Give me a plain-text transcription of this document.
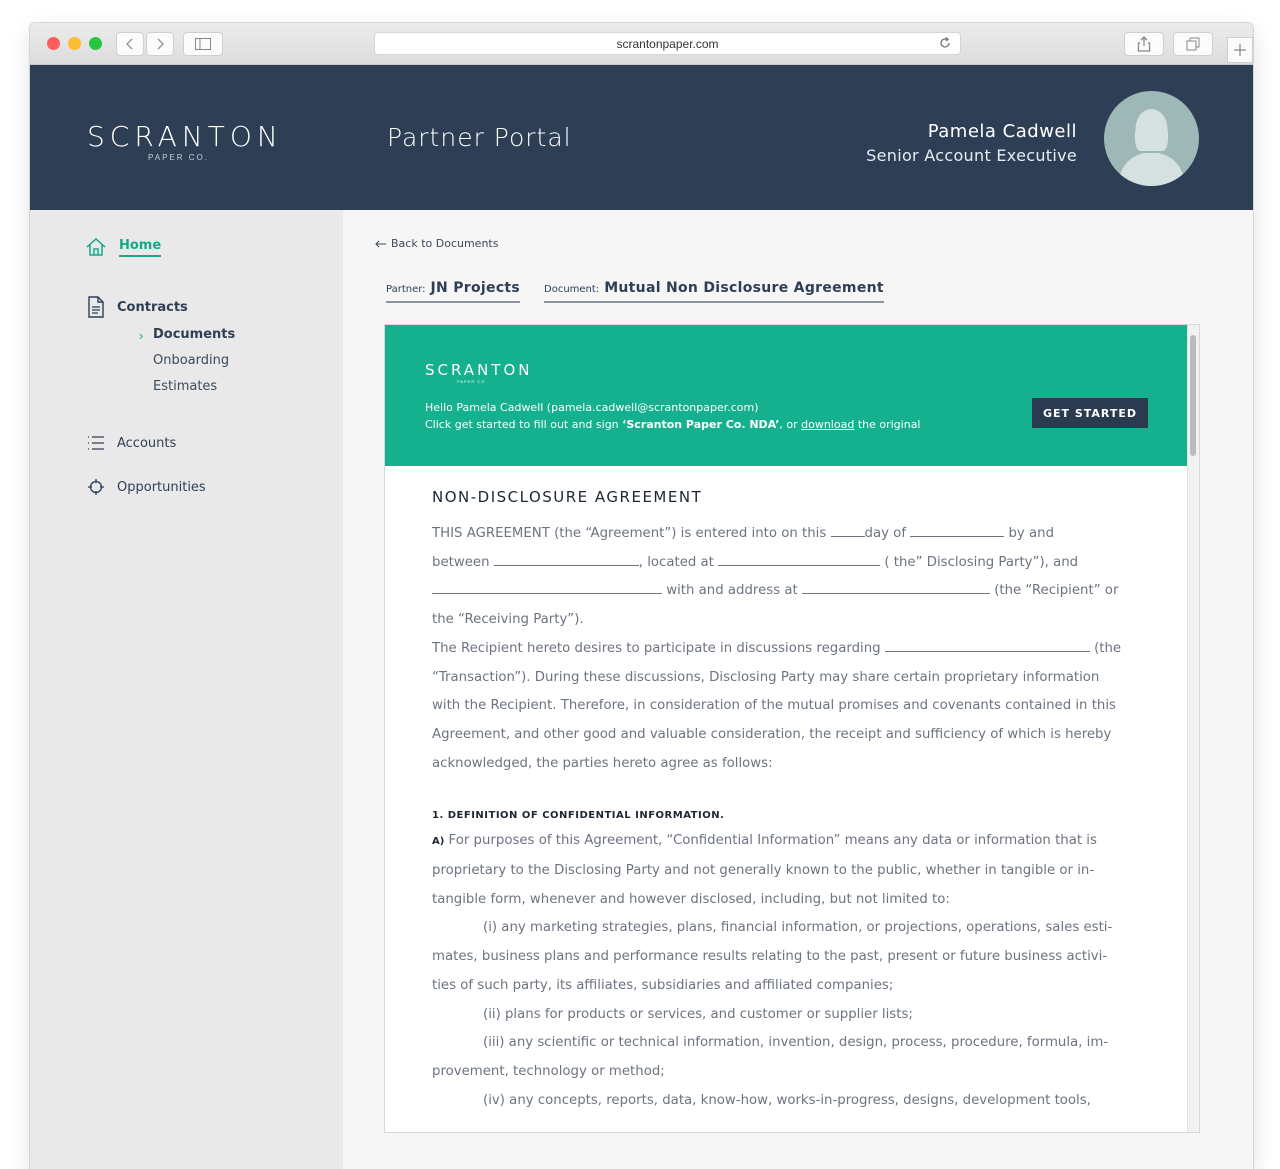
scrantonpaper.com
SCRANTON
PAPER CO.
Partner Portal	Pamela Cadwell
Senior Account Executive
Home
Contracts
› Documents
Onboarding
Estimates
Accounts
Opportunities
Back to Documents
Partner: JN Projects Document: Mutual Non Disclosure Agreement
SCRANTON
PAPER CO.
Hello Pamela Cadwell (pamela.cadwell@scrantonpaper.com)
Click get started to fill out and sign ‘Scranton Paper Co. NDA’, or download the original
GET STARTED
NON-DISCLOSURE AGREEMENT
THIS AGREEMENT (the “Agreement”) is entered into on this	day of	by and
between	, located at	( the” Disclosing Party”), and
with and address at	(the “Recipient” or
the “Receiving Party”).
The Recipient hereto desires to participate in discussions regarding	(the
“Transaction”). During these discussions, Disclosing Party may share certain proprietary information
with the Recipient. Therefore, in consideration of the mutual promises and covenants contained in this
Agreement, and other good and valuable consideration, the receipt and sufficiency of which is hereby
acknowledged, the parties hereto agree as follows:
1. DEFINITION OF CONFIDENTIAL INFORMATION.
A) For purposes of this Agreement, “Confidential Information” means any data or information that is
proprietary to the Disclosing Party and not generally known to the public, whether in tangible or in-
tangible form, whenever and however disclosed, including, but not limited to:
(i) any marketing strategies, plans, financial information, or projections, operations, sales esti-
mates, business plans and performance results relating to the past, present or future business activi-
ties of such party, its affiliates, subsidiaries and affiliated companies;
(ii) plans for products or services, and customer or supplier lists;
(iii) any scientific or technical information, invention, design, process, procedure, formula, im-
provement, technology or method;
(iv) any concepts, reports, data, know-how, works-in-progress, designs, development tools,
